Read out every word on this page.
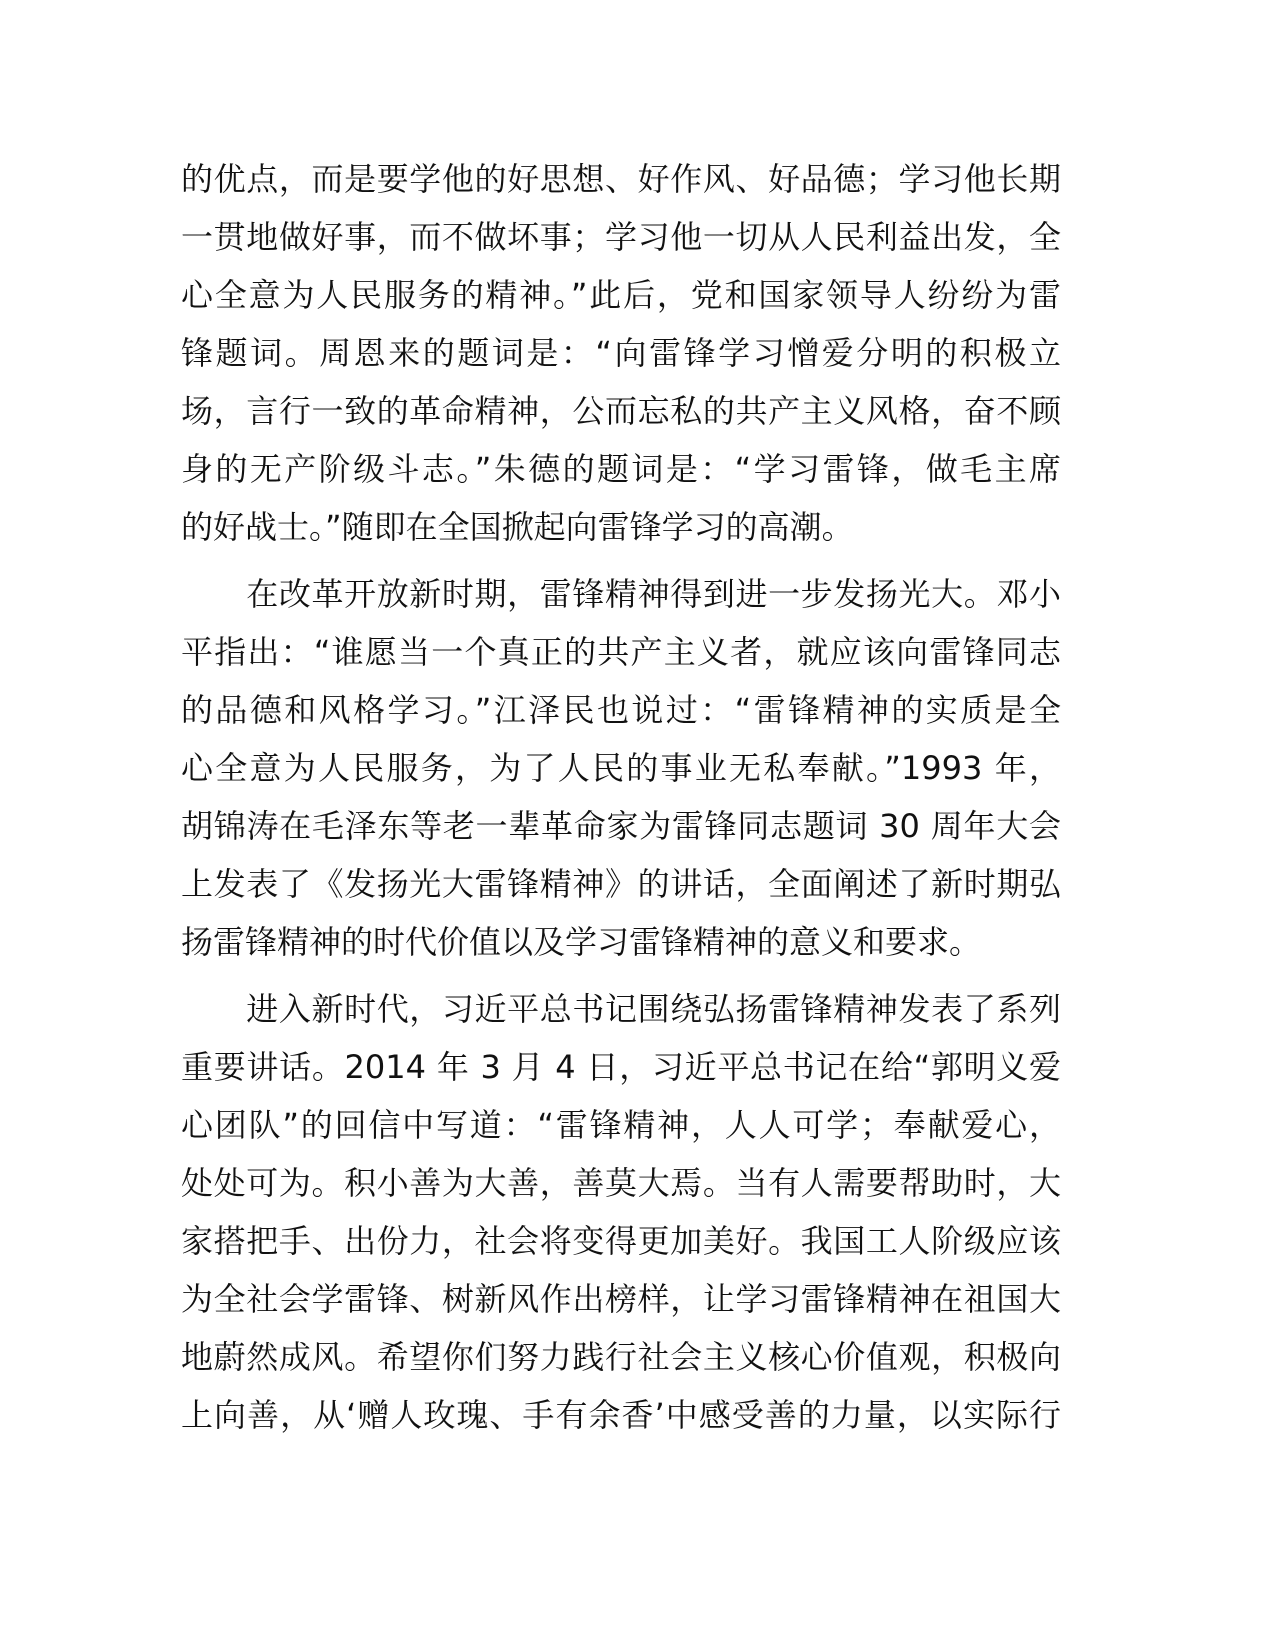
的优点，而是要学他的好思想、好作风、好品德；学习他长期
一贯地做好事，而不做坏事；学习他一切从人民利益出发，全
心全意为人民服务的精神。”此后，党和国家领导人纷纷为雷
锋题词。周恩来的题词是：“向雷锋学习憎爱分明的积极立
场，言行一致的革命精神，公而忘私的共产主义风格，奋不顾
身的无产阶级斗志。”朱德的题词是：“学习雷锋，做毛主席
的好战士。”随即在全国掀起向雷锋学习的高潮。

　　在改革开放新时期，雷锋精神得到进一步发扬光大。邓小
平指出：“谁愿当一个真正的共产主义者，就应该向雷锋同志
的品德和风格学习。”江泽民也说过：“雷锋精神的实质是全
心全意为人民服务，为了人民的事业无私奉献。”1993 年，
胡锦涛在毛泽东等老一辈革命家为雷锋同志题词 30 周年大会
上发表了《发扬光大雷锋精神》的讲话，全面阐述了新时期弘
扬雷锋精神的时代价值以及学习雷锋精神的意义和要求。

　　进入新时代，习近平总书记围绕弘扬雷锋精神发表了系列
重要讲话。2014 年 3 月 4 日，习近平总书记在给“郭明义爱
心团队”的回信中写道：“雷锋精神，人人可学；奉献爱心，
处处可为。积小善为大善，善莫大焉。当有人需要帮助时，大
家搭把手、出份力，社会将变得更加美好。我国工人阶级应该
为全社会学雷锋、树新风作出榜样，让学习雷锋精神在祖国大
地蔚然成风。希望你们努力践行社会主义核心价值观，积极向
上向善，从‘赠人玫瑰、手有余香’中感受善的力量，以实际行
